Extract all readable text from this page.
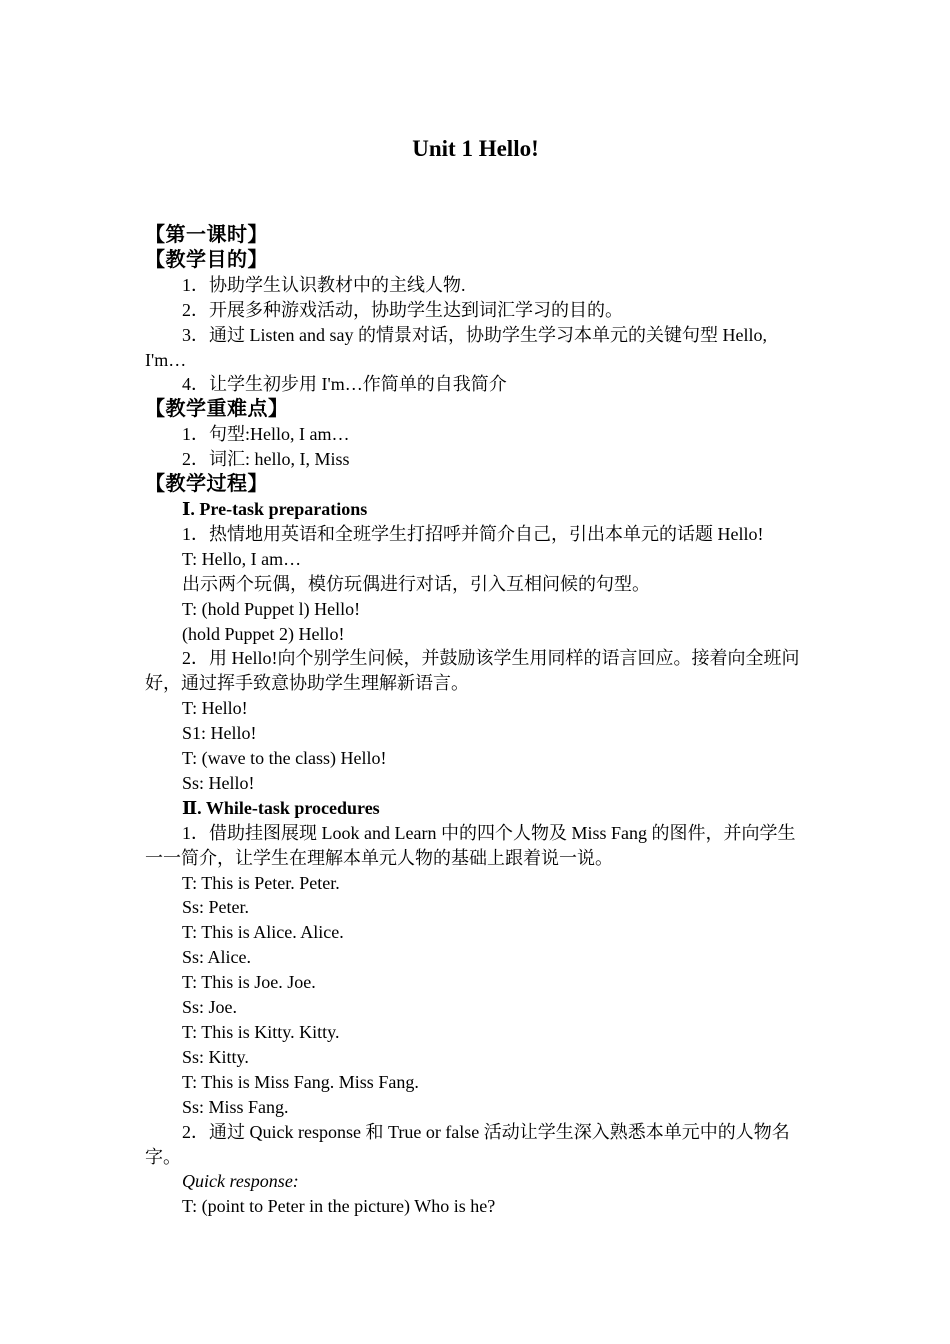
Unit 1 Hello!
【第一课时】
【教学目的】
1．协助学生认识教材中的主线人物.
2．开展多种游戏活动，协助学生达到词汇学习的目的。
3．通过 Listen and say 的情景对话，协助学生学习本单元的关键句型 Hello, I'm…
4．让学生初步用 I'm…作简单的自我简介
【教学重难点】
1．句型:Hello, I am…
2．词汇: hello, I, Miss
【教学过程】
Ⅰ. Pre-task preparations
1．热情地用英语和全班学生打招呼并简介自己，引出本单元的话题 Hello!
T: Hello, I am…
出示两个玩偶，模仿玩偶进行对话，引入互相问候的句型。
T: (hold Puppet l) Hello!
(hold Puppet 2) Hello!
2．用 Hello!向个别学生问候，并鼓励该学生用同样的语言回应。接着向全班问好，通过挥手致意协助学生理解新语言。
T: Hello!
S1: Hello!
T: (wave to the class) Hello!
Ss: Hello!
Ⅱ. While-task procedures
1．借助挂图展现 Look and Learn 中的四个人物及 Miss Fang 的图件，并向学生一一简介，让学生在理解本单元人物的基础上跟着说一说。
T: This is Peter. Peter.
Ss: Peter.
T: This is Alice. Alice.
Ss: Alice.
T: This is Joe. Joe.
Ss: Joe.
T: This is Kitty. Kitty.
Ss: Kitty.
T: This is Miss Fang. Miss Fang.
Ss: Miss Fang.
2．通过 Quick response 和 True or false 活动让学生深入熟悉本单元中的人物名字。
Quick response:
T: (point to Peter in the picture) Who is he?
